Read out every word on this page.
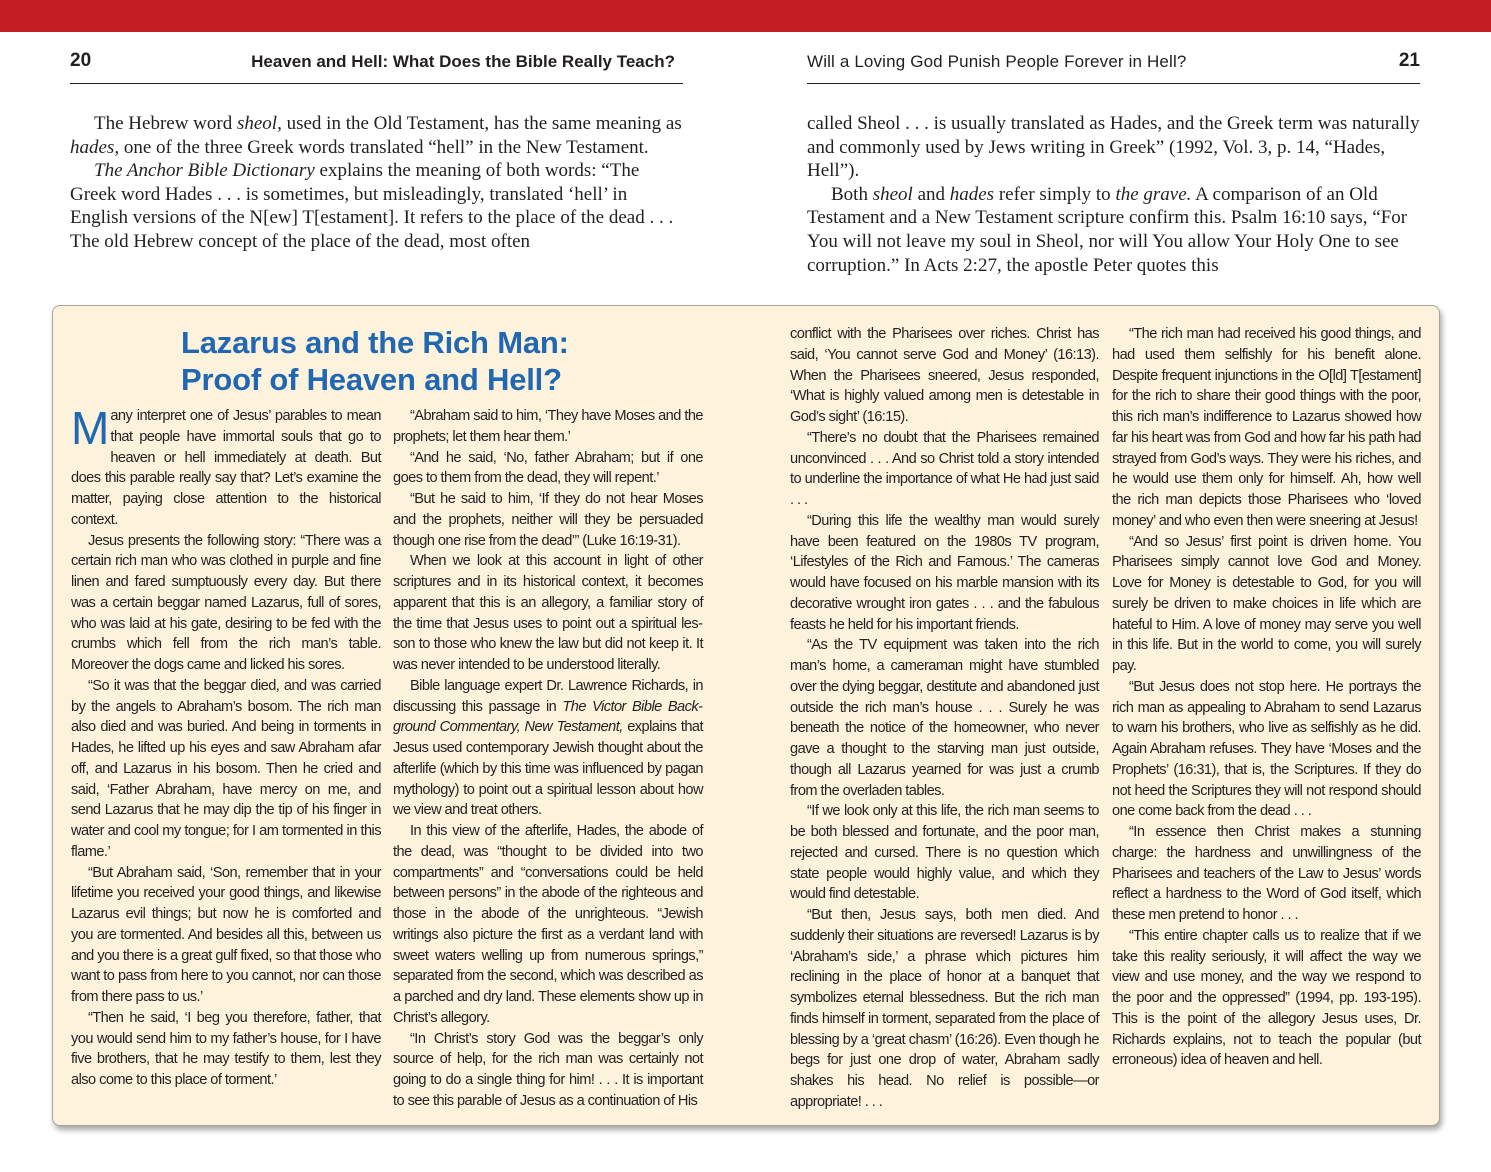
20	Heaven and Hell: What Does the Bible Really Teach?	Will a Loving God Punish People Forever in Hell?	21

The Hebrew word sheol, used in the Old Testament, has the same meaning as hades, one of the three Greek words translated “hell” in the New Testament.

The Anchor Bible Dictionary explains the meaning of both words: “The Greek word Hades . . . is sometimes, but misleadingly, translated ‘hell’ in English versions of the N[ew] T[estament]. It refers to the place of the dead . . . The old Hebrew concept of the place of the dead, most often

called Sheol . . . is usually translated as Hades, and the Greek term was naturally and commonly used by Jews writing in Greek” (1992, Vol. 3, p. 14, “Hades, Hell”).

Both sheol and hades refer simply to the grave. A comparison of an Old Testament and a New Testament scripture confirm this. Psalm 16:10 says, “For You will not leave my soul in Sheol, nor will You allow Your Holy One to see corruption.” In Acts 2:27, the apostle Peter quotes this

Lazarus and the Rich Man:
Proof of Heaven and Hell?

Many interpret one of Jesus’ parables to mean that people have immortal souls that go to heaven or hell immediately at death. But does this parable really say that? Let’s examine the matter, paying close attention to the historical context.

Jesus presents the following story: “There was a certain rich man who was clothed in purple and fine linen and fared sumptuously every day. But there was a certain beggar named Lazarus, full of sores, who was laid at his gate, desiring to be fed with the crumbs which fell from the rich man’s table. Moreover the dogs came and licked his sores.

“So it was that the beggar died, and was carried by the angels to Abraham’s bosom. The rich man also died and was buried. And being in torments in Hades, he lifted up his eyes and saw Abraham afar off, and Lazarus in his bosom. Then he cried and said, ‘Father Abraham, have mercy on me, and send Lazarus that he may dip the tip of his finger in water and cool my tongue; for I am tormented in this flame.’

“But Abraham said, ‘Son, remember that in your lifetime you received your good things, and likewise Lazarus evil things; but now he is comforted and you are tormented. And besides all this, between us and you there is a great gulf fixed, so that those who want to pass from here to you cannot, nor can those from there pass to us.’

“Then he said, ‘I beg you therefore, father, that you would send him to my father’s house, for I have five brothers, that he may testify to them, lest they also come to this place of torment.’

“Abraham said to him, ‘They have Moses and the prophets; let them hear them.’

“And he said, ‘No, father Abraham; but if one goes to them from the dead, they will repent.’

“But he said to him, ‘If they do not hear Moses and the prophets, neither will they be persuaded though one rise from the dead’” (Luke 16:19-31).

When we look at this account in light of other scriptures and in its historical context, it becomes apparent that this is an allegory, a familiar story of the time that Jesus uses to point out a spiritual lesson to those who knew the law but did not keep it. It was never intended to be understood literally.

Bible language expert Dr. Lawrence Richards, in discussing this passage in The Victor Bible Background Commentary, New Testament, explains that Jesus used contemporary Jewish thought about the afterlife (which by this time was influenced by pagan mythology) to point out a spiritual lesson about how we view and treat others.

In this view of the afterlife, Hades, the abode of the dead, was “thought to be divided into two compartments” and “conversations could be held between persons” in the abode of the righteous and those in the abode of the unrighteous. “Jewish writings also picture the first as a verdant land with sweet waters welling up from numerous springs,” separated from the second, which was described as a parched and dry land. These elements show up in Christ’s allegory.

“In Christ’s story God was the beggar’s only source of help, for the rich man was certainly not going to do a single thing for him! . . . It is important to see this parable of Jesus as a continuation of His

conflict with the Pharisees over riches. Christ has said, ‘You cannot serve God and Money’ (16:13). When the Pharisees sneered, Jesus responded, ‘What is highly valued among men is detestable in God’s sight’ (16:15).

“There’s no doubt that the Pharisees remained unconvinced . . . And so Christ told a story intended to underline the importance of what He had just said . . .

“During this life the wealthy man would surely have been featured on the 1980s TV program, ‘Lifestyles of the Rich and Famous.’ The cameras would have focused on his marble mansion with its decorative wrought iron gates . . . and the fabulous feasts he held for his important friends.

“As the TV equipment was taken into the rich man’s home, a cameraman might have stumbled over the dying beggar, destitute and abandoned just outside the rich man’s house . . . Surely he was beneath the notice of the homeowner, who never gave a thought to the starving man just outside, though all Lazarus yearned for was just a crumb from the overladen tables.

“If we look only at this life, the rich man seems to be both blessed and fortunate, and the poor man, rejected and cursed. There is no question which state people would highly value, and which they would find detestable.

“But then, Jesus says, both men died. And suddenly their situations are reversed! Lazarus is by ‘Abraham’s side,’ a phrase which pictures him reclining in the place of honor at a banquet that symbolizes eternal blessedness. But the rich man finds himself in torment, separated from the place of blessing by a ‘great chasm’ (16:26). Even though he begs for just one drop of water, Abraham sadly shakes his head. No relief is possible—or appropriate! . . .

“The rich man had received his good things, and had used them selfishly for his benefit alone. Despite frequent injunctions in the O[ld] T[estament] for the rich to share their good things with the poor, this rich man’s indifference to Lazarus showed how far his heart was from God and how far his path had strayed from God’s ways. They were his riches, and he would use them only for himself. Ah, how well the rich man depicts those Pharisees who ‘loved money’ and who even then were sneering at Jesus!

“And so Jesus’ first point is driven home. You Pharisees simply cannot love God and Money. Love for Money is detestable to God, for you will surely be driven to make choices in life which are hateful to Him. A love of money may serve you well in this life. But in the world to come, you will surely pay.

“But Jesus does not stop here. He portrays the rich man as appealing to Abraham to send Lazarus to warn his brothers, who live as selfishly as he did. Again Abraham refuses. They have ‘Moses and the Prophets’ (16:31), that is, the Scriptures. If they do not heed the Scriptures they will not respond should one come back from the dead . . .

“In essence then Christ makes a stunning charge: the hardness and unwillingness of the Pharisees and teachers of the Law to Jesus’ words reflect a hardness to the Word of God itself, which these men pretend to honor . . .

“This entire chapter calls us to realize that if we take this reality seriously, it will affect the way we view and use money, and the way we respond to the poor and the oppressed” (1994, pp. 193-195). This is the point of the allegory Jesus uses, Dr. Richards explains, not to teach the popular (but erroneous) idea of heaven and hell.
